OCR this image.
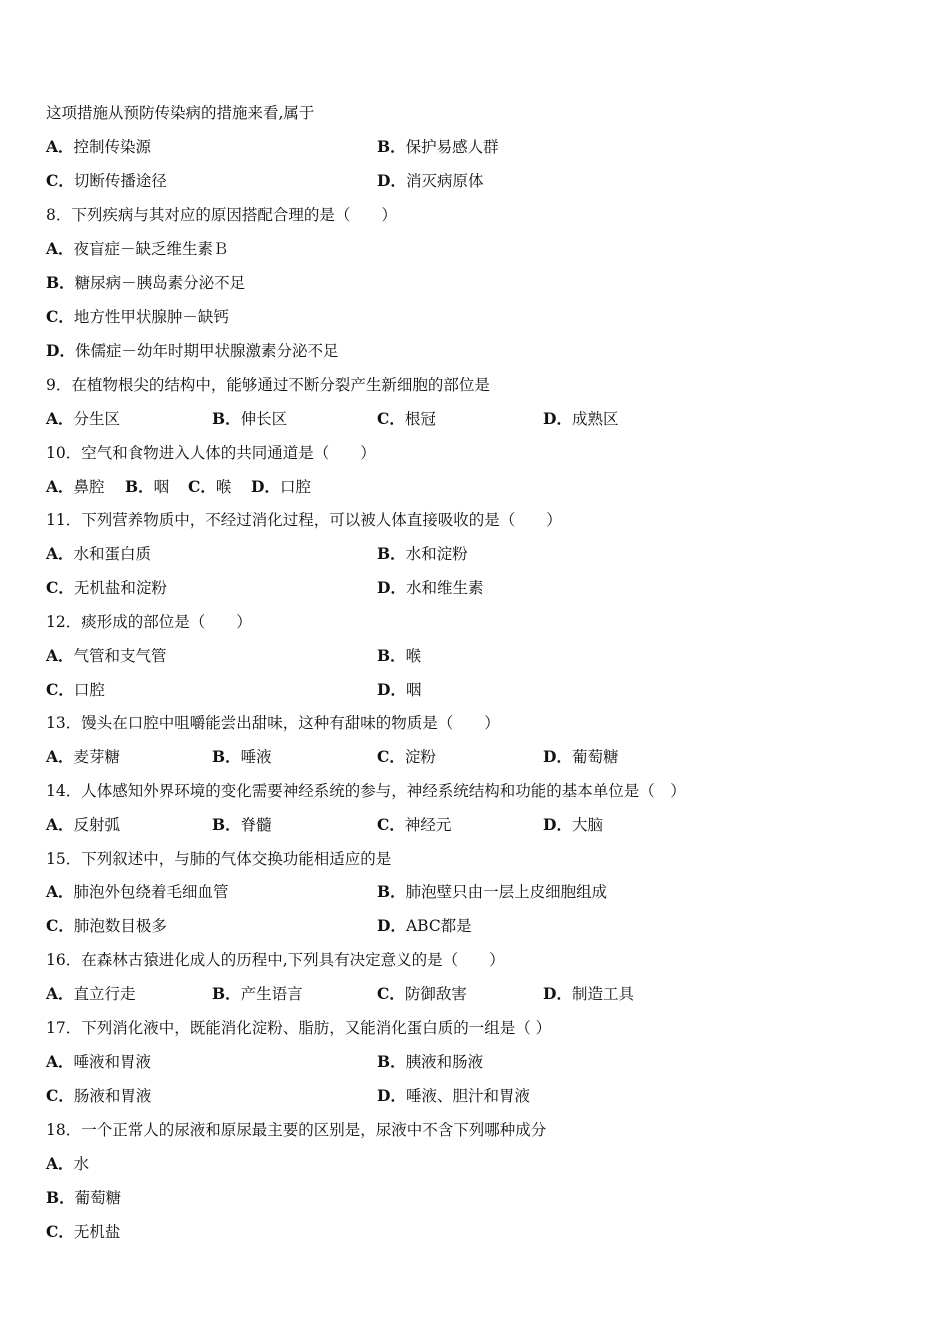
这项措施从预防传染病的措施来看,属于
A．控制传染源	B．保护易感人群
C．切断传播途径	D．消灭病原体
8．下列疾病与其对应的原因搭配合理的是（　　）
A．夜盲症－缺乏维生素Ｂ
B．糖尿病－胰岛素分泌不足
C．地方性甲状腺肿－缺钙
D．侏儒症－幼年时期甲状腺激素分泌不足
9．在植物根尖的结构中，能够通过不断分裂产生新细胞的部位是
A．分生区	B．伸长区	C．根冠	D．成熟区
10．空气和食物进入人体的共同通道是（　　）
A．鼻腔 B．咽 C．喉 D．口腔
11．下列营养物质中，不经过消化过程，可以被人体直接吸收的是（　　）
A．水和蛋白质	B．水和淀粉
C．无机盐和淀粉	D．水和维生素
12．痰形成的部位是（　　）
A．气管和支气管	B．喉
C．口腔	D．咽
13．馒头在口腔中咀嚼能尝出甜味，这种有甜味的物质是（　　）
A．麦芽糖	B．唾液	C．淀粉	D．葡萄糖
14．人体感知外界环境的变化需要神经系统的参与，神经系统结构和功能的基本单位是（　）
A．反射弧	B．脊髓	C．神经元	D．大脑
15．下列叙述中，与肺的气体交换功能相适应的是
A．肺泡外包绕着毛细血管	B．肺泡壁只由一层上皮细胞组成
C．肺泡数目极多	D．ABC都是
16．在森林古猿进化成人的历程中,下列具有决定意义的是（　　）
A．直立行走	B．产生语言	C．防御敌害	D．制造工具
17．下列消化液中，既能消化淀粉、脂肪，又能消化蛋白质的一组是（ ）
A．唾液和胃液	B．胰液和肠液
C．肠液和胃液	D．唾液、胆汁和胃液
18．一个正常人的尿液和原尿最主要的区别是，尿液中不含下列哪种成分
A．水
B．葡萄糖
C．无机盐
